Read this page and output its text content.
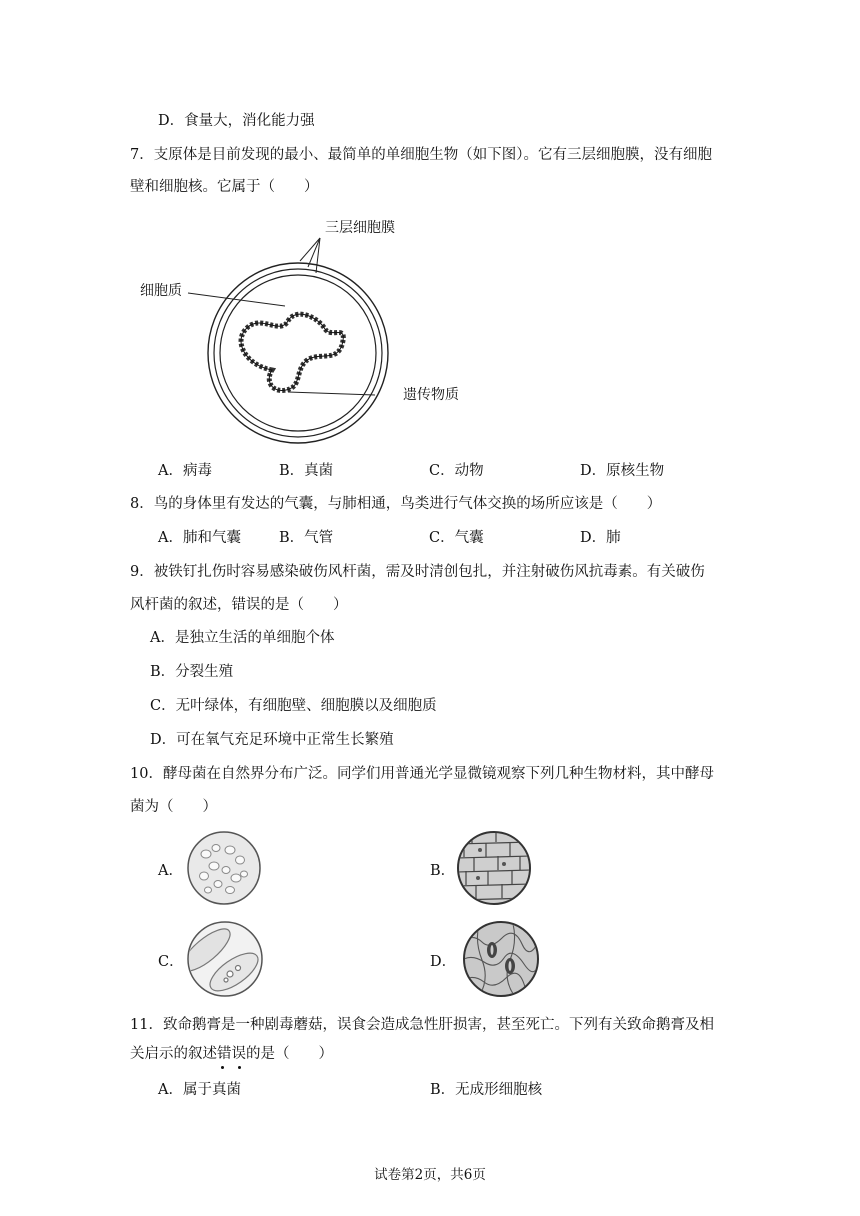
D．食量大，消化能力强
7．支原体是目前发现的最小、最简单的单细胞生物（如下图）。它有三层细胞膜，没有细胞
壁和细胞核。它属于（　　）
三层细胞膜
细胞质
遗传物质
A．病毒	B．真菌	C．动物	D．原核生物
8．鸟的身体里有发达的气囊，与肺相通，鸟类进行气体交换的场所应该是（　　）
A．肺和气囊	B．气管	C．气囊	D．肺
9．被铁钉扎伤时容易感染破伤风杆菌，需及时清创包扎，并注射破伤风抗毒素。有关破伤
风杆菌的叙述，错误的是（　　）
A．是独立生活的单细胞个体
B．分裂生殖
C．无叶绿体，有细胞壁、细胞膜以及细胞质
D．可在氧气充足环境中正常生长繁殖
10．酵母菌在自然界分布广泛。同学们用普通光学显微镜观察下列几种生物材料，其中酵母
菌为（　　）
A．	B．
C．	D．
11．致命鹅膏是一种剧毒蘑菇，误食会造成急性肝损害，甚至死亡。下列有关致命鹅膏及相
关启示的叙述错误的是（　　）
A．属于真菌	B．无成形细胞核
试卷第2页，共6页
